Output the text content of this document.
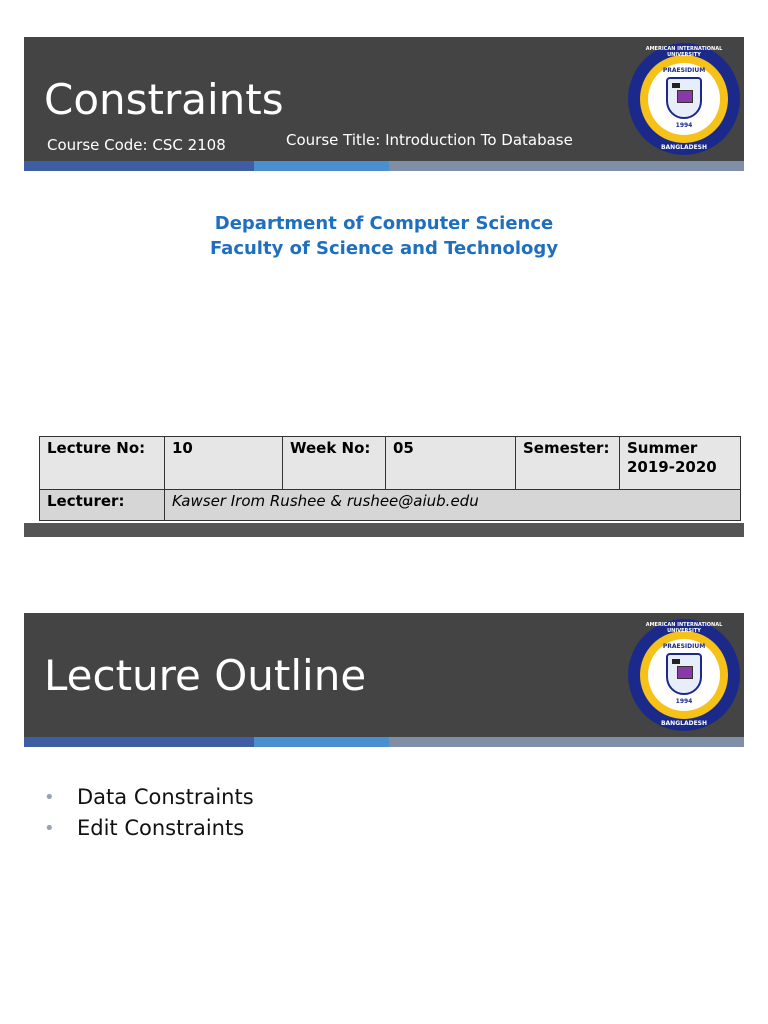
Constraints
Course Code: CSC 2108	Course Title: Introduction To Database
AMERICAN INTERNATIONAL UNIVERSITY
PRAESIDIUM
1994
BANGLADESH
Department of Computer Science
Faculty of Science and Technology
Lecture No:	10	Week No:	05	Semester:	Summer
2019-2020

Lecturer:	Kawser Irom Rushee & rushee@aiub.edu				
Lecture Outline
AMERICAN INTERNATIONAL UNIVERSITY
PRAESIDIUM
1994
BANGLADESH
• Data Constraints
• Edit Constraints
